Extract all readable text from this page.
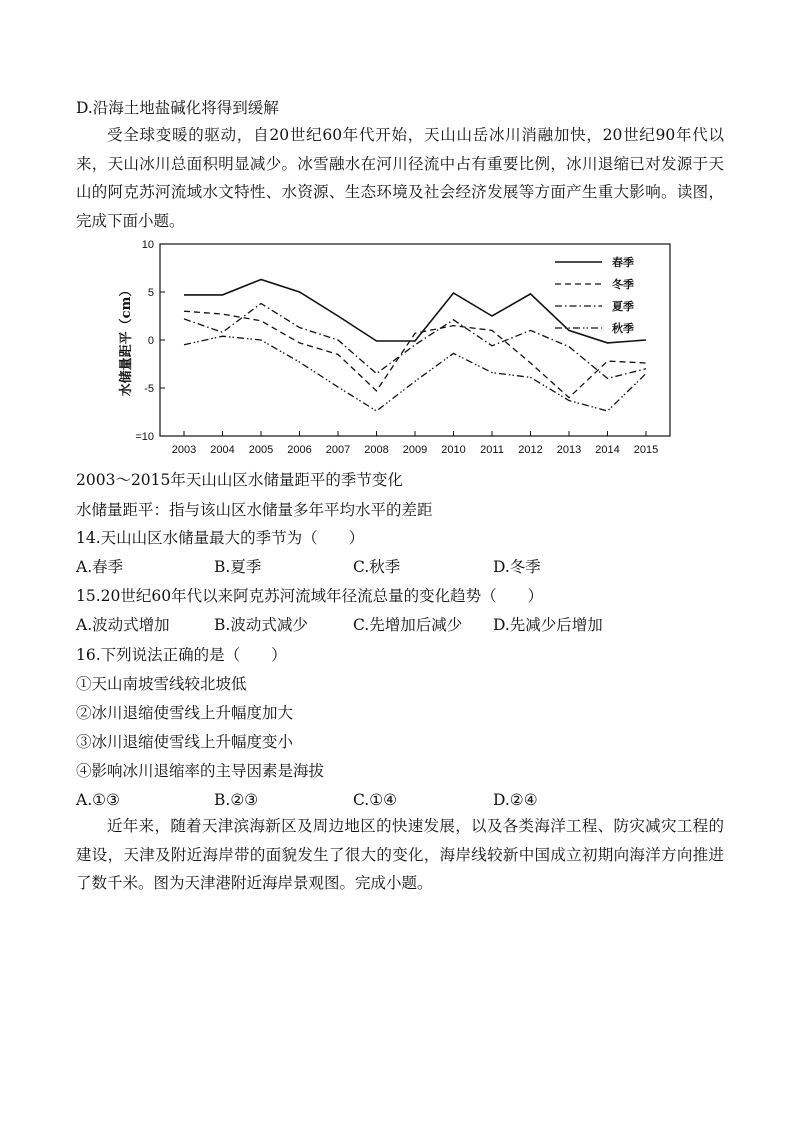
D.沿海土地盐碱化将得到缓解
受全球变暖的驱动，自20世纪60年代开始，天山山岳冰川消融加快，20世纪90年代以来，天山冰川总面积明显减少。冰雪融水在河川径流中占有重要比例，冰川退缩已对发源于天山的阿克苏河流域水文特性、水资源、生态环境及社会经济发展等方面产生重大影响。读图，完成下面小题。
10
5
0
-5
=10
2003 2004 2005 2006 2007 2008 2009 2010 2011 2012 2013 2014 2015
水储量距平（cm）
春季
冬季
夏季
秋季
2003～2015年天山山区水储量距平的季节变化
水储量距平：指与该山区水储量多年平均水平的差距
14.天山山区水储量最大的季节为（　　）
A.春季	B.夏季	C.秋季	D.冬季
15.20世纪60年代以来阿克苏河流域年径流总量的变化趋势（　　）
A.波动式增加	B.波动式减少	C.先增加后减少 D.先减少后增加
16.下列说法正确的是（　　）
①天山南坡雪线较北坡低
②冰川退缩使雪线上升幅度加大
③冰川退缩使雪线上升幅度变小
④影响冰川退缩率的主导因素是海拔
A.①③	B.②③	C.①④	D.②④
近年来，随着天津滨海新区及周边地区的快速发展，以及各类海洋工程、防灾减灾工程的建设，天津及附近海岸带的面貌发生了很大的变化，海岸线较新中国成立初期向海洋方向推进了数千米。图为天津港附近海岸景观图。完成小题。
